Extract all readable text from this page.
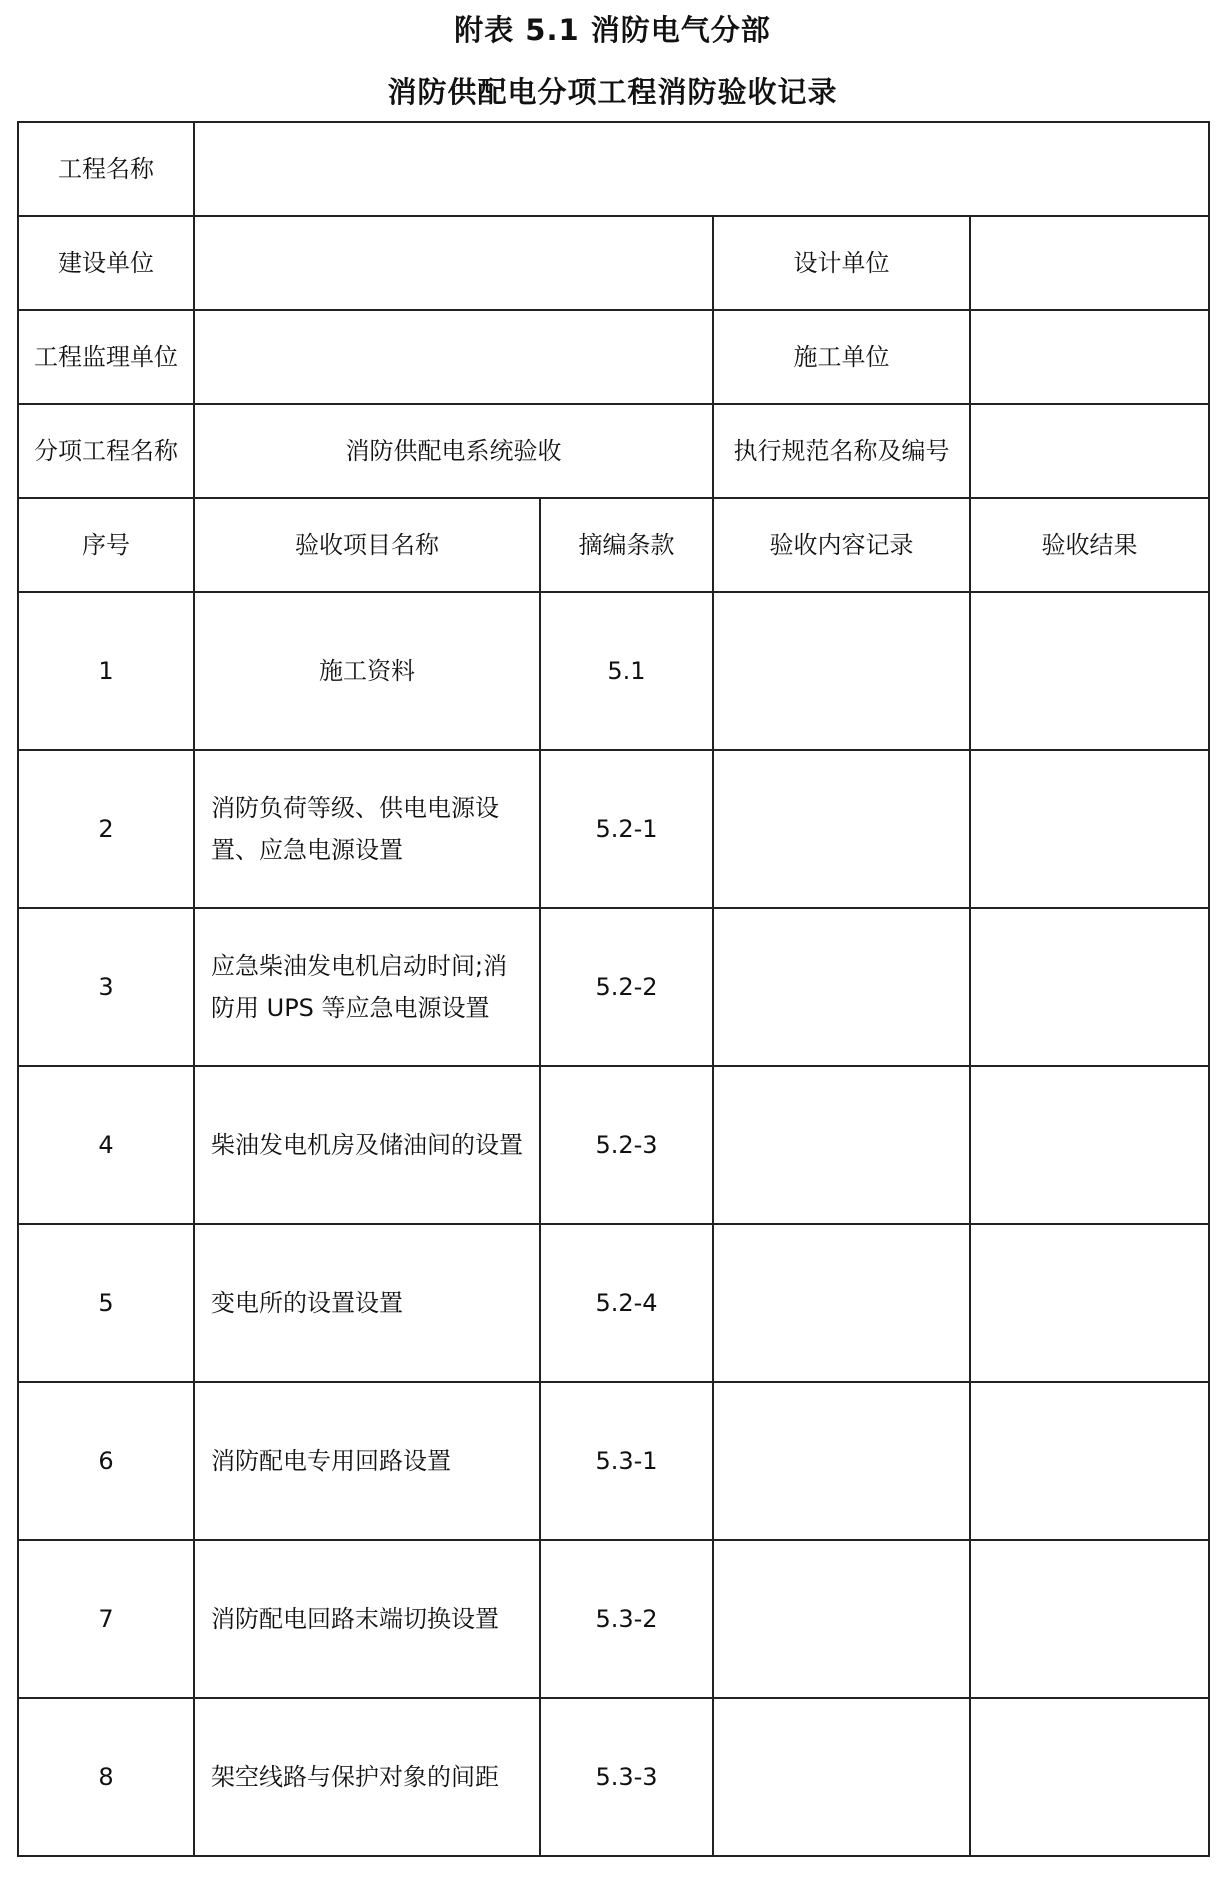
附表 5.1 消防电气分部
消防供配电分项工程消防验收记录
工程名称				
建设单位			设计单位	
工程监理单位			施工单位	
分项工程名称	消防供配电系统验收		执行规范名称及编号	
序号	验收项目名称	摘编条款	验收内容记录	验收结果
1	施工资料	5.1		
2	消防负荷等级、供电电源设置、应急电源设置	5.2-1		
3	应急柴油发电机启动时间;消防用 UPS 等应急电源设置	5.2-2		
4	柴油发电机房及储油间的设置	5.2-3		
5	变电所的设置设置	5.2-4		
6	消防配电专用回路设置	5.3-1		
7	消防配电回路末端切换设置	5.3-2		
8	架空线路与保护对象的间距	5.3-3		
